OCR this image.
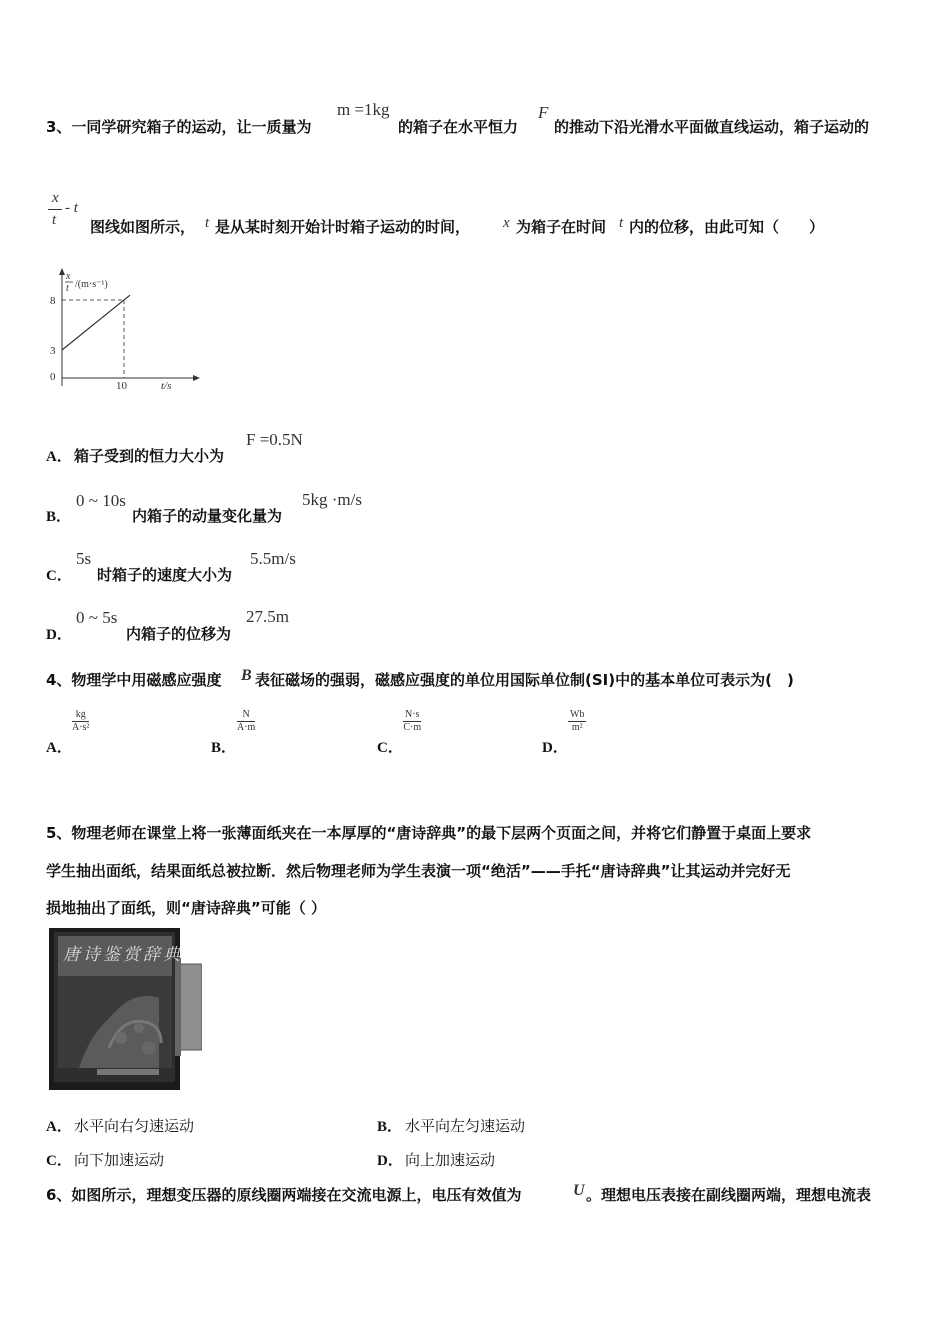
3、一同学研究箱子的运动，让一质量为
m =1kg
的箱子在水平恒力
F
的推动下沿光滑水平面做直线运动，箱子运动的
x
t
- t
图线如图所示， t 是从某时刻开始计时箱子运动的时间， x 为箱子在时间 t 内的位移，由此可知（　　）
x
t /(m·s⁻¹)
8
3
0
10	t/s
A． 箱子受到的恒力大小为
F =0.5N
B．
0 ~ 10s
内箱子的动量变化量为
5kg ·m/s
C．
5s
时箱子的速度大小为
5.5m/s
D．
0 ~ 5s
内箱子的位移为
27.5m
4、物理学中用磁感应强度 B 表征磁场的强弱，磁感应强度的单位用国际单位制(SI)中的基本单位可表示为(　)
A．
$\frac{kg}{\text{A·s²}}$
B．
$\frac{N}{A\cdot m}$
C．
$\frac{N\cdot s}{C\cdot m}$
D．
$\frac{Wb}{\text{m²}}$
5、物理老师在课堂上将一张薄面纸夹在一本厚厚的“唐诗辞典”的最下层两个页面之间，并将它们静置于桌面上要求
学生抽出面纸，结果面纸总被拉断．然后物理老师为学生表演一项“绝活”——手托“唐诗辞典”让其运动并完好无
损地抽出了面纸，则“唐诗辞典”可能（ ）
唐诗鉴赏辞典
A． 水平向右匀速运动	B． 水平向左匀速运动
C． 向下加速运动	D． 向上加速运动
6、如图所示，理想变压器的原线圈两端接在交流电源上，电压有效值为	U 。理想电压表接在副线圈两端，理想电流表
